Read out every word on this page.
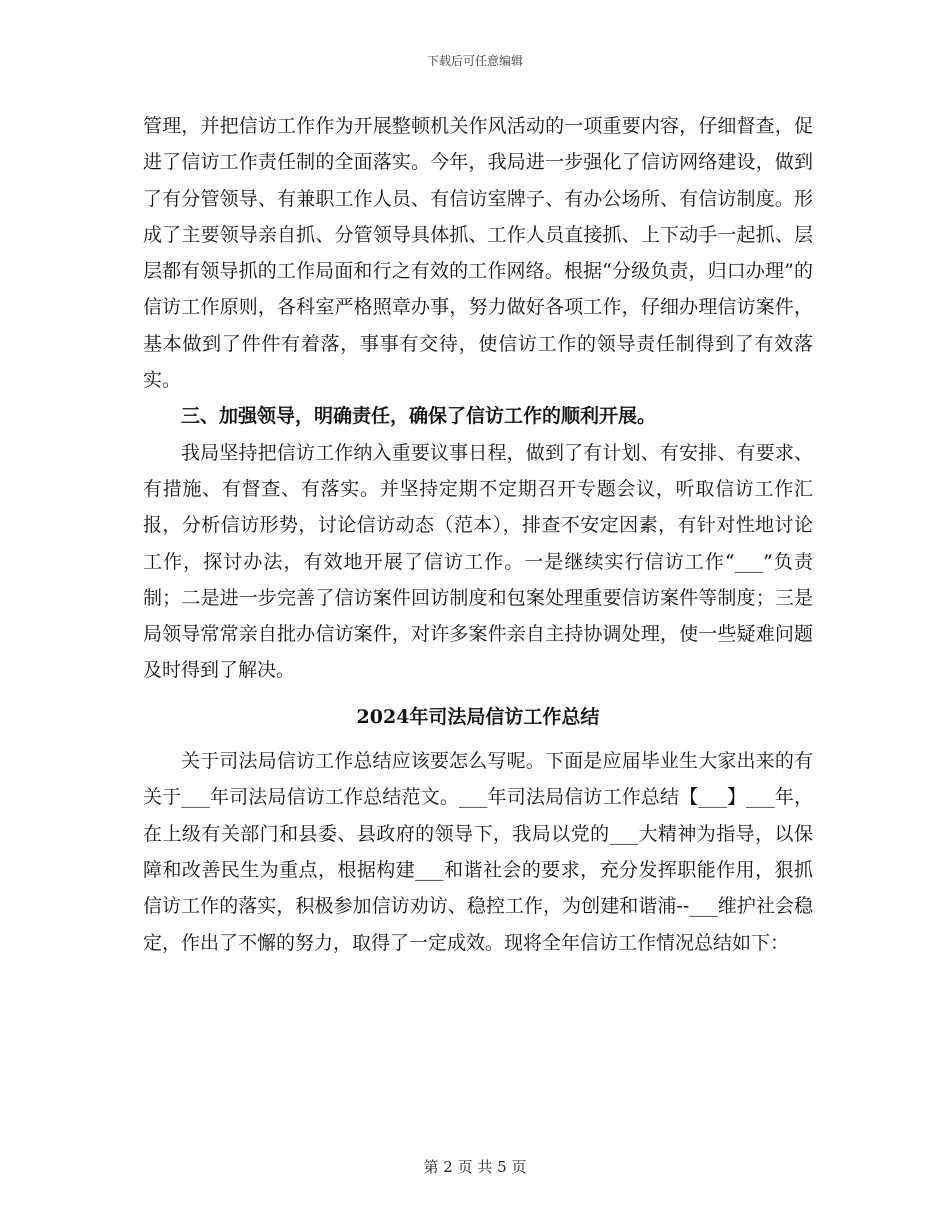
下载后可任意编辑

管理，并把信访工作作为开展整顿机关作风活动的一项重要内容，仔细督查，促进了信访工作责任制的全面落实。今年，我局进一步强化了信访网络建设，做到了有分管领导、有兼职工作人员、有信访室牌子、有办公场所、有信访制度。形成了主要领导亲自抓、分管领导具体抓、工作人员直接抓、上下动手一起抓、层层都有领导抓的工作局面和行之有效的工作网络。根据“分级负责，归口办理”的信访工作原则，各科室严格照章办事，努力做好各项工作，仔细办理信访案件，基本做到了件件有着落，事事有交待，使信访工作的领导责任制得到了有效落实。

三、加强领导，明确责任，确保了信访工作的顺利开展。

我局坚持把信访工作纳入重要议事日程，做到了有计划、有安排、有要求、有措施、有督查、有落实。并坚持定期不定期召开专题会议，听取信访工作汇报，分析信访形势，讨论信访动态（范本），排查不安定因素，有针对性地讨论工作，探讨办法，有效地开展了信访工作。一是继续实行信访工作“___”负责制；二是进一步完善了信访案件回访制度和包案处理重要信访案件等制度；三是局领导常常亲自批办信访案件，对许多案件亲自主持协调处理，使一些疑难问题及时得到了解决。

2024年司法局信访工作总结

关于司法局信访工作总结应该要怎么写呢。下面是应届毕业生大家出来的有关于___年司法局信访工作总结范文。___年司法局信访工作总结【___】___年，在上级有关部门和县委、县政府的领导下，我局以党的___大精神为指导，以保障和改善民生为重点，根据构建___和谐社会的要求，充分发挥职能作用，狠抓信访工作的落实，积极参加信访劝访、稳控工作，为创建和谐浦--___维护社会稳定，作出了不懈的努力，取得了一定成效。现将全年信访工作情况总结如下：

第 2 页 共 5 页
